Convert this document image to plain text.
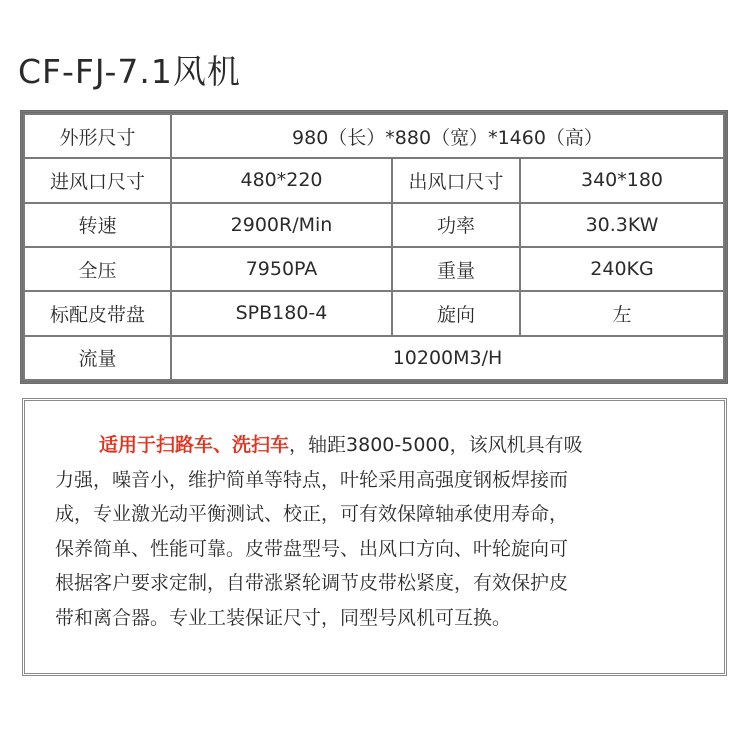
CF-FJ-7.1风机
外形尺寸	980（长）*880（宽）*1460（高）
进风口尺寸	480*220	出风口尺寸	340*180
转速	2900R/Min	功率	30.3KW
全压	7950PA	重量	240KG
标配皮带盘	SPB180-4	旋向	左
流量	10200M3/H
适用于扫路车、洗扫车，轴距3800-5000，该风机具有吸
力强，噪音小，维护简单等特点，叶轮采用高强度钢板焊接而
成，专业激光动平衡测试、校正，可有效保障轴承使用寿命，
保养简单、性能可靠。皮带盘型号、出风口方向、叶轮旋向可
根据客户要求定制，自带涨紧轮调节皮带松紧度，有效保护皮
带和离合器。专业工装保证尺寸，同型号风机可互换。
